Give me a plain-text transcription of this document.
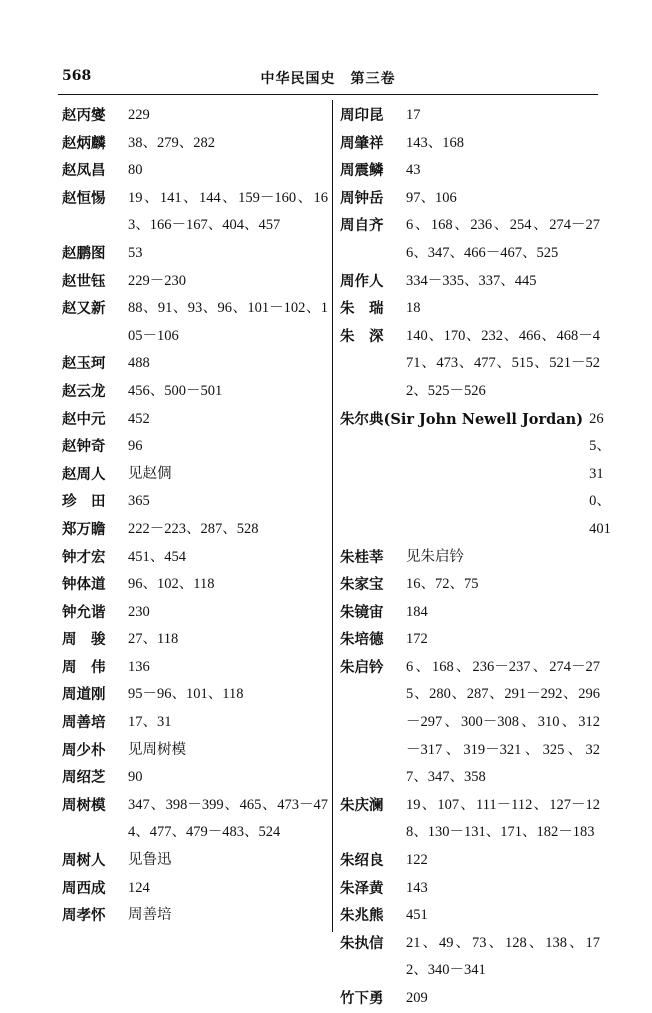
568	中华民国史　第三卷
赵丙燮	229
赵炳麟	38、279、282
赵凤昌	80
赵恒惕	19、141、144、159－160、163、166－167、404、457
赵鹏图	53
赵世钰	229－230
赵又新	88、91、93、96、101－102、105－106
赵玉珂	488
赵云龙	456、500－501
赵中元	452
赵钟奇	96
赵周人	见赵倜
珍　田	365
郑万瞻	222－223、287、528
钟才宏	451、454
钟体道	96、102、118
钟允谐	230
周　骏	27、118
周　伟	136
周道刚	95－96、101、118
周善培	17、31
周少朴	见周树模
周绍芝	90
周树模	347、398－399、465、473－474、477、479－483、524
周树人	见鲁迅
周西成	124
周孝怀	周善培
周印昆	17
周肇祥	143、168
周震鳞	43
周钟岳	97、106
周自齐	6、168、236、254、274－276、347、466－467、525
周作人	334－335、337、445
朱　瑞	18
朱　深	140、170、232、466、468－471、473、477、515、521－522、525－526
朱尔典(Sir John Newell Jordan) 265、310、401
朱桂莘	见朱启钤
朱家宝	16、72、75
朱镜宙	184
朱培德	172
朱启钤	6、168、236－237、274－275、280、287、291－292、296－297、300－308、310、312－317、319－321、325、327、347、358
朱庆澜	19、107、111－112、127－128、130－131、171、182－183
朱绍良	122
朱泽黄	143
朱兆熊	451
朱执信	21、49、73、128、138、172、340－341
竹下勇	209
